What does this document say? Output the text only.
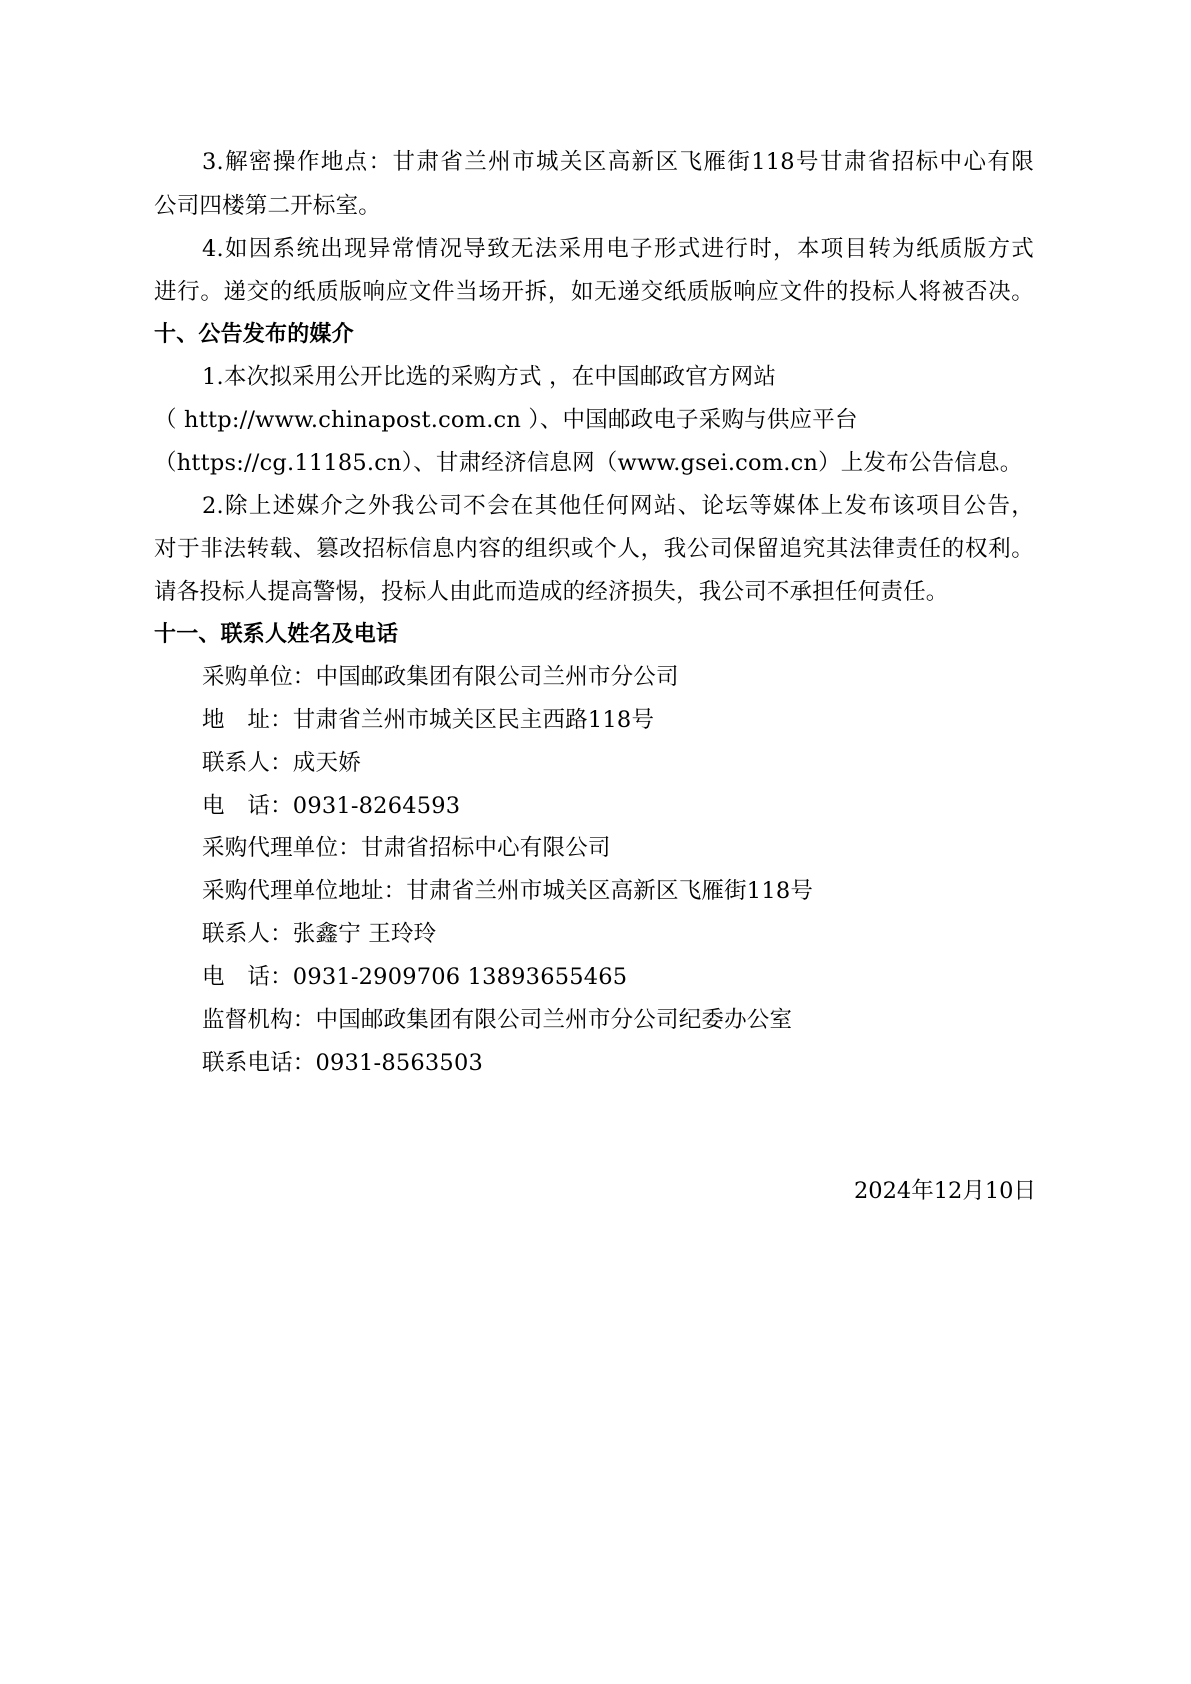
3.解密操作地点：甘肃省兰州市城关区高新区飞雁街118号甘肃省招标中心有限
公司四楼第二开标室。
4.如因系统出现异常情况导致无法采用电子形式进行时，本项目转为纸质版方式
进行。递交的纸质版响应文件当场开拆，如无递交纸质版响应文件的投标人将被否决。
十、公告发布的媒介
1.本次拟采用公开比选的采购方式 ，在中国邮政官方网站
（ http://www.chinapost.com.cn ）、中国邮政电子采购与供应平台
（https://cg.11185.cn）、甘肃经济信息网（www.gsei.com.cn）上发布公告信息。
2.除上述媒介之外我公司不会在其他任何网站、论坛等媒体上发布该项目公告，
对于非法转载、篡改招标信息内容的组织或个人，我公司保留追究其法律责任的权利。
请各投标人提高警惕，投标人由此而造成的经济损失，我公司不承担任何责任。
十一、联系人姓名及电话
采购单位：中国邮政集团有限公司兰州市分公司
地　址：甘肃省兰州市城关区民主西路118号
联系人：成天娇
电　话：0931-8264593
采购代理单位：甘肃省招标中心有限公司
采购代理单位地址：甘肃省兰州市城关区高新区飞雁街118号
联系人：张鑫宁 王玲玲
电　话：0931-2909706 13893655465
监督机构：中国邮政集团有限公司兰州市分公司纪委办公室
联系电话：0931-8563503
2024年12月10日
